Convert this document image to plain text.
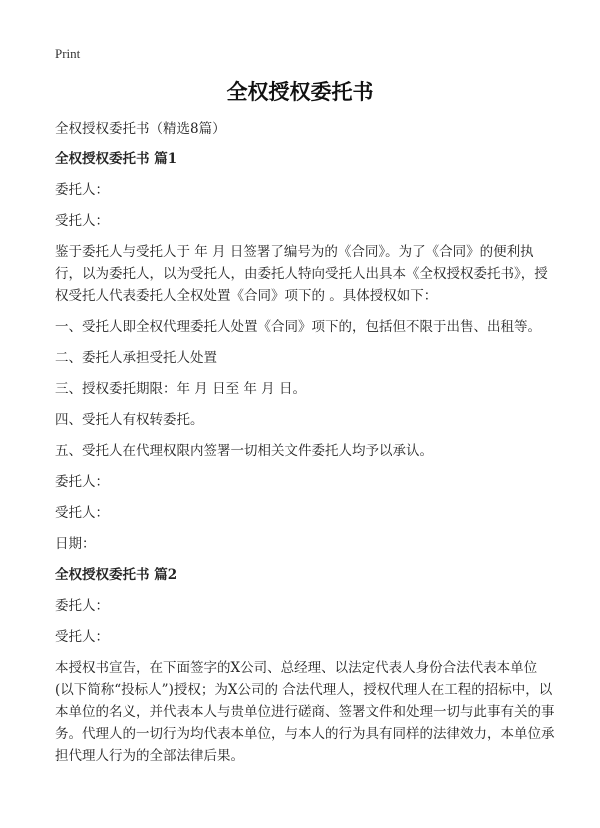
Print
全权授权委托书

全权授权委托书（精选8篇）

全权授权委托书 篇1

委托人：

受托人：

鉴于委托人与受托人于 年 月 日签署了编号为的《合同》。为了《合同》的便利执行，以为委托人，以为受托人，由委托人特向受托人出具本《全权授权委托书》，授权受托人代表委托人全权处置《合同》项下的 。具体授权如下：

一、受托人即全权代理委托人处置《合同》项下的，包括但不限于出售、出租等。

二、委托人承担受托人处置

三、授权委托期限：年 月 日至 年 月 日。

四、受托人有权转委托。

五、受托人在代理权限内签署一切相关文件委托人均予以承认。

委托人：

受托人：

日期：

全权授权委托书 篇2

委托人：

受托人：

本授权书宣告，在下面签字的X公司、总经理、以法定代表人身份合法代表本单位(以下简称“投标人”)授权；为X公司的 合法代理人，授权代理人在工程的招标中，以本单位的名义，并代表本人与贵单位进行磋商、签署文件和处理一切与此事有关的事务。代理人的一切行为均代表本单位，与本人的行为具有同样的法律效力，本单位承担代理人行为的全部法律后果。
